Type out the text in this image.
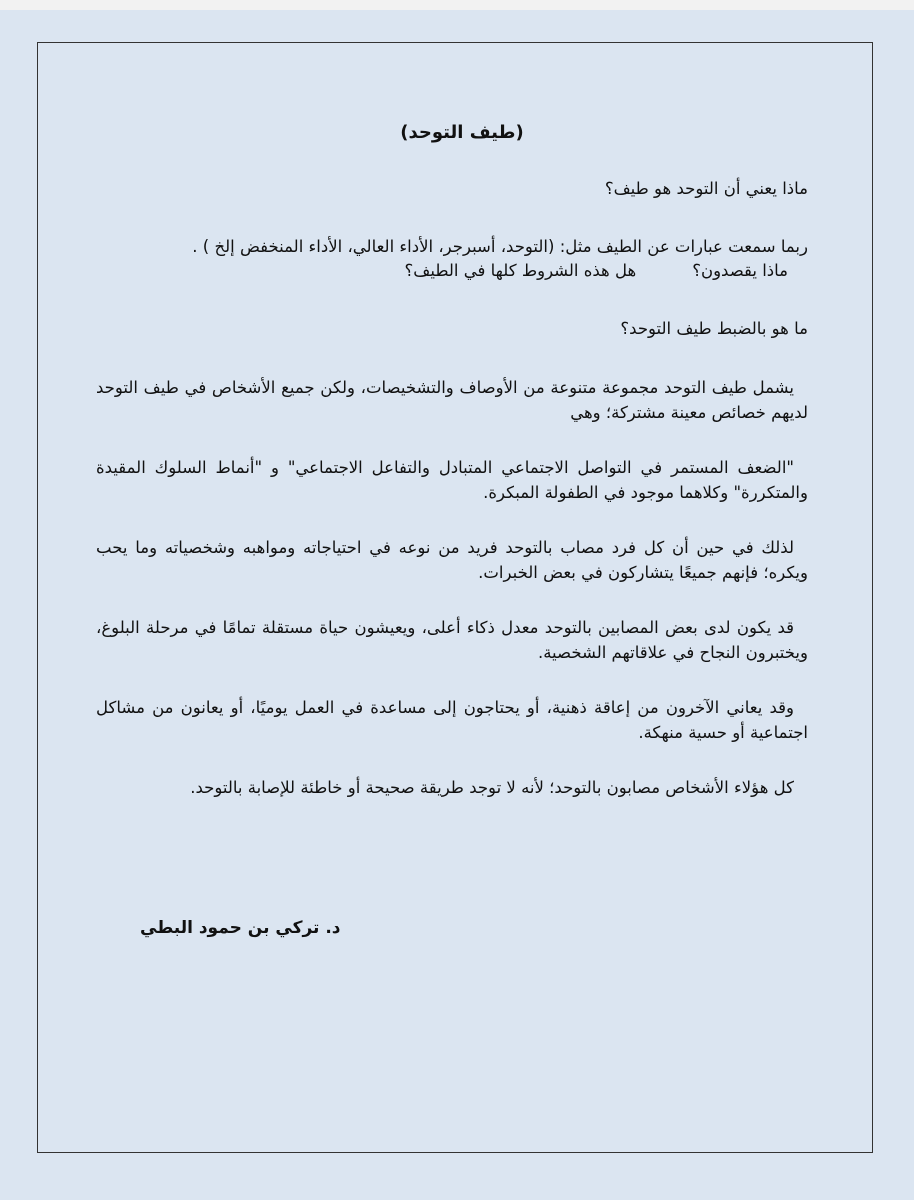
(طيف التوحد)
ماذا يعني أن التوحد هو طيف؟
ربما سمعت عبارات عن الطيف مثل: (التوحد، أسبرجر، الأداء العالي، الأداء المنخفض إلخ ) .
ماذا يقصدون؟هل هذه الشروط كلها في الطيف؟
ما هو بالضبط طيف التوحد؟

يشمل طيف التوحد مجموعة متنوعة من الأوصاف والتشخيصات، ولكن جميع الأشخاص في طيف التوحد لديهم خصائص معينة مشتركة؛ وهي

"الضعف المستمر في التواصل الاجتماعي المتبادل والتفاعل الاجتماعي" و "أنماط السلوك المقيدة والمتكررة" وكلاهما موجود في الطفولة المبكرة.

لذلك في حين أن كل فرد مصاب بالتوحد فريد من نوعه في احتياجاته ومواهبه وشخصياته وما يحب ويكره؛ فإنهم جميعًا يتشاركون في بعض الخبرات.

قد يكون لدى بعض المصابين بالتوحد معدل ذكاء أعلى، ويعيشون حياة مستقلة تمامًا في مرحلة البلوغ، ويختبرون النجاح في علاقاتهم الشخصية.

وقد يعاني الآخرون من إعاقة ذهنية، أو يحتاجون إلى مساعدة في العمل يوميًا، أو يعانون من مشاكل اجتماعية أو حسية منهكة.

كل هؤلاء الأشخاص مصابون بالتوحد؛ لأنه لا توجد طريقة صحيحة أو خاطئة للإصابة بالتوحد.

د. تركي بن حمود البطي
